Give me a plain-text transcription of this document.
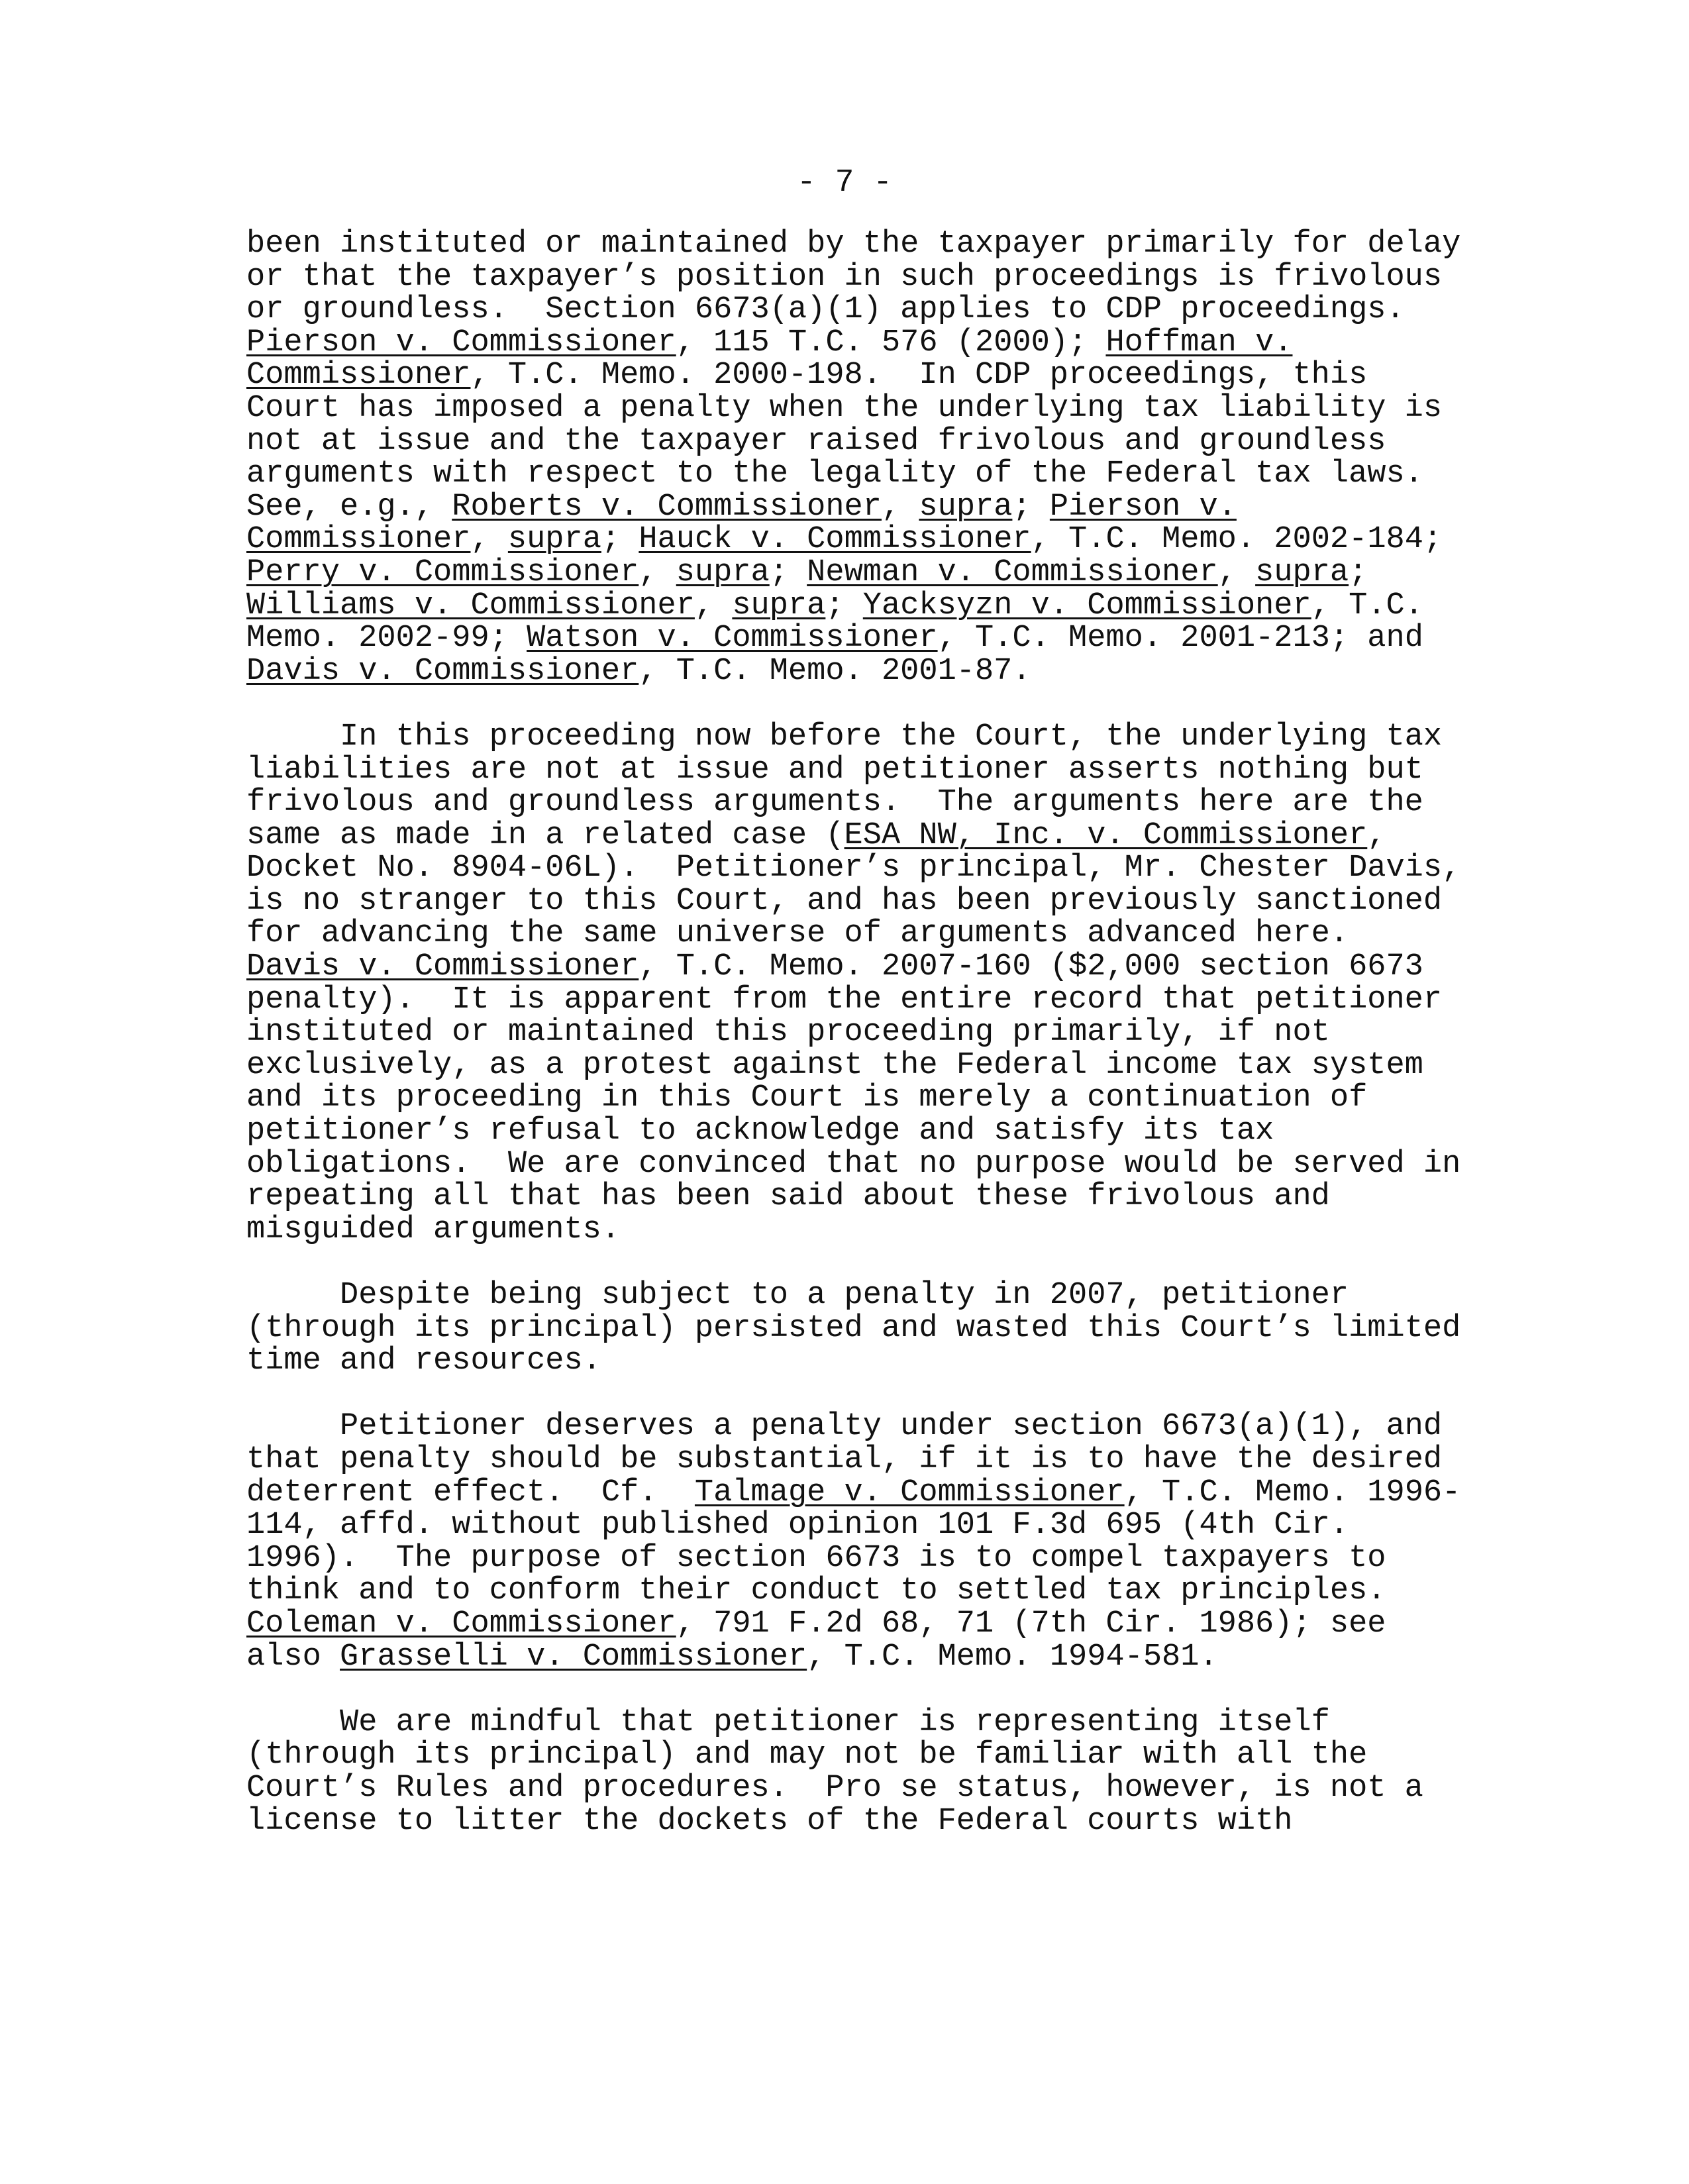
- 7 -
been instituted or maintained by the taxpayer primarily for delay
or that the taxpayer’s position in such proceedings is frivolous
or groundless.  Section 6673(a)(1) applies to CDP proceedings.
Pierson v. Commissioner, 115 T.C. 576 (2000); Hoffman v.
Commissioner, T.C. Memo. 2000-198.  In CDP proceedings, this
Court has imposed a penalty when the underlying tax liability is
not at issue and the taxpayer raised frivolous and groundless
arguments with respect to the legality of the Federal tax laws.
See, e.g., Roberts v. Commissioner, supra; Pierson v.
Commissioner, supra; Hauck v. Commissioner, T.C. Memo. 2002-184;
Perry v. Commissioner, supra; Newman v. Commissioner, supra;
Williams v. Commissioner, supra; Yacksyzn v. Commissioner, T.C.
Memo. 2002-99; Watson v. Commissioner, T.C. Memo. 2001-213; and
Davis v. Commissioner, T.C. Memo. 2001-87.
In this proceeding now before the Court, the underlying tax
liabilities are not at issue and petitioner asserts nothing but
frivolous and groundless arguments.  The arguments here are the
same as made in a related case (ESA NW, Inc. v. Commissioner,
Docket No. 8904-06L).  Petitioner’s principal, Mr. Chester Davis,
is no stranger to this Court, and has been previously sanctioned
for advancing the same universe of arguments advanced here.
Davis v. Commissioner, T.C. Memo. 2007-160 ($2,000 section 6673
penalty).  It is apparent from the entire record that petitioner
instituted or maintained this proceeding primarily, if not
exclusively, as a protest against the Federal income tax system
and its proceeding in this Court is merely a continuation of
petitioner’s refusal to acknowledge and satisfy its tax
obligations.  We are convinced that no purpose would be served in
repeating all that has been said about these frivolous and
misguided arguments.
Despite being subject to a penalty in 2007, petitioner
(through its principal) persisted and wasted this Court’s limited
time and resources.
Petitioner deserves a penalty under section 6673(a)(1), and
that penalty should be substantial, if it is to have the desired
deterrent effect.  Cf.  Talmage v. Commissioner, T.C. Memo. 1996-
114, affd. without published opinion 101 F.3d 695 (4th Cir.
1996).  The purpose of section 6673 is to compel taxpayers to
think and to conform their conduct to settled tax principles.
Coleman v. Commissioner, 791 F.2d 68, 71 (7th Cir. 1986); see
also Grasselli v. Commissioner, T.C. Memo. 1994-581.
We are mindful that petitioner is representing itself
(through its principal) and may not be familiar with all the
Court’s Rules and procedures.  Pro se status, however, is not a
license to litter the dockets of the Federal courts with
